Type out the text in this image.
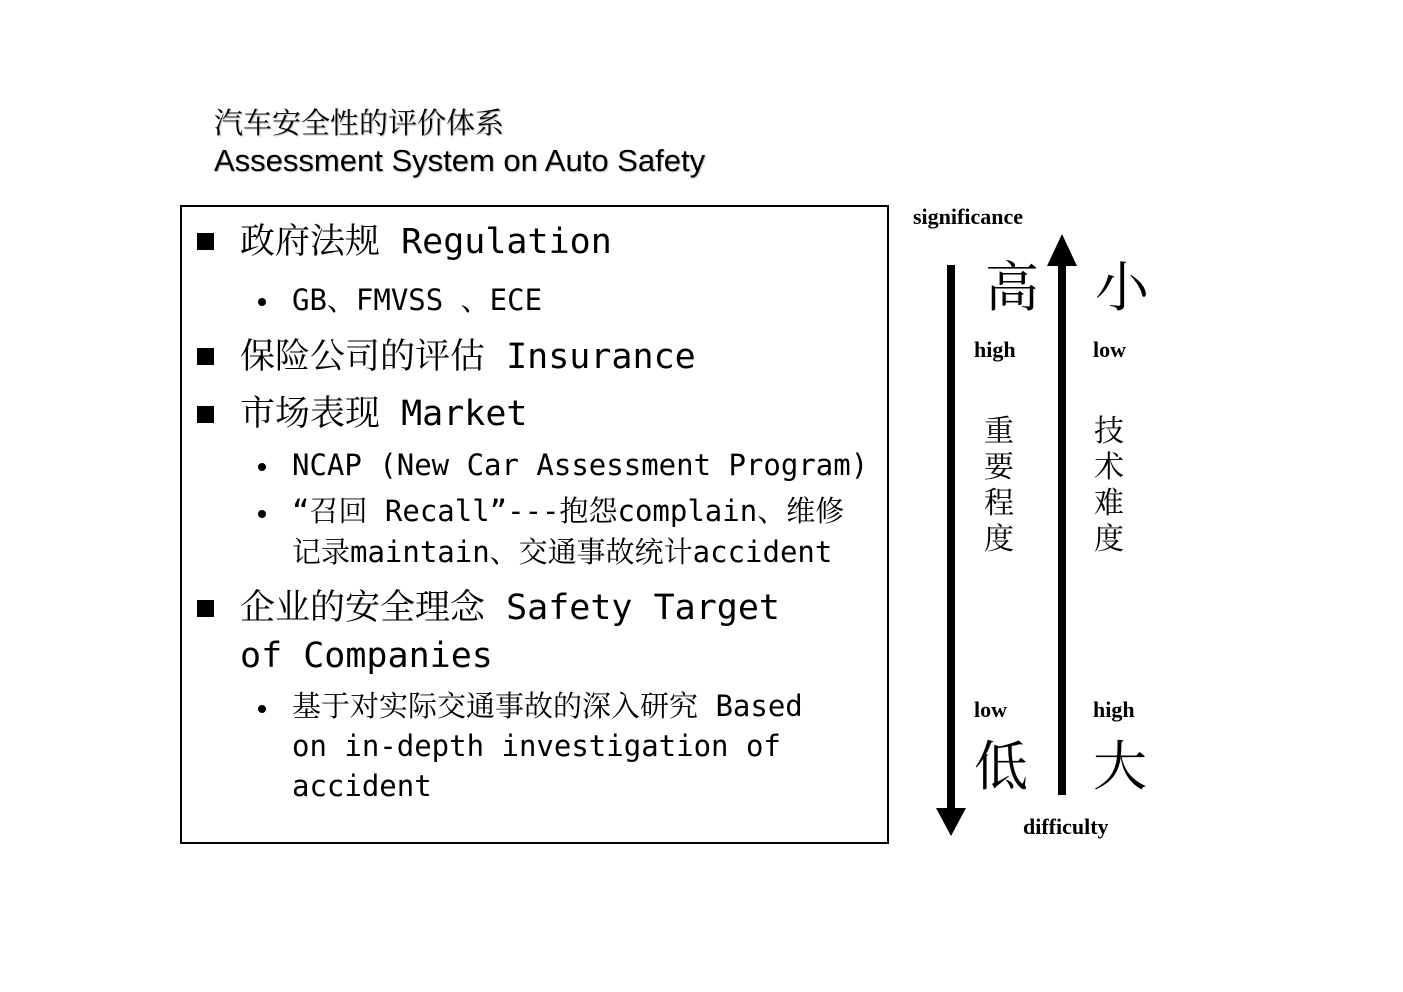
汽车安全性的评价体系
Assessment System on Auto Safety
政府法规 Regulation
GB、FMVSS 、ECE
保险公司的评估 Insurance
市场表现 Market
NCAP (New Car Assessment Program)
“召回 Recall”---抱怨complain、维修
记录maintain、交通事故统计accident
企业的安全理念 Safety Target
of Companies
基于对实际交通事故的深入研究 Based
on in-depth investigation of
accident
significance
difficulty
高
high
重要程度
low
低
小
low
技术难度
high
大
